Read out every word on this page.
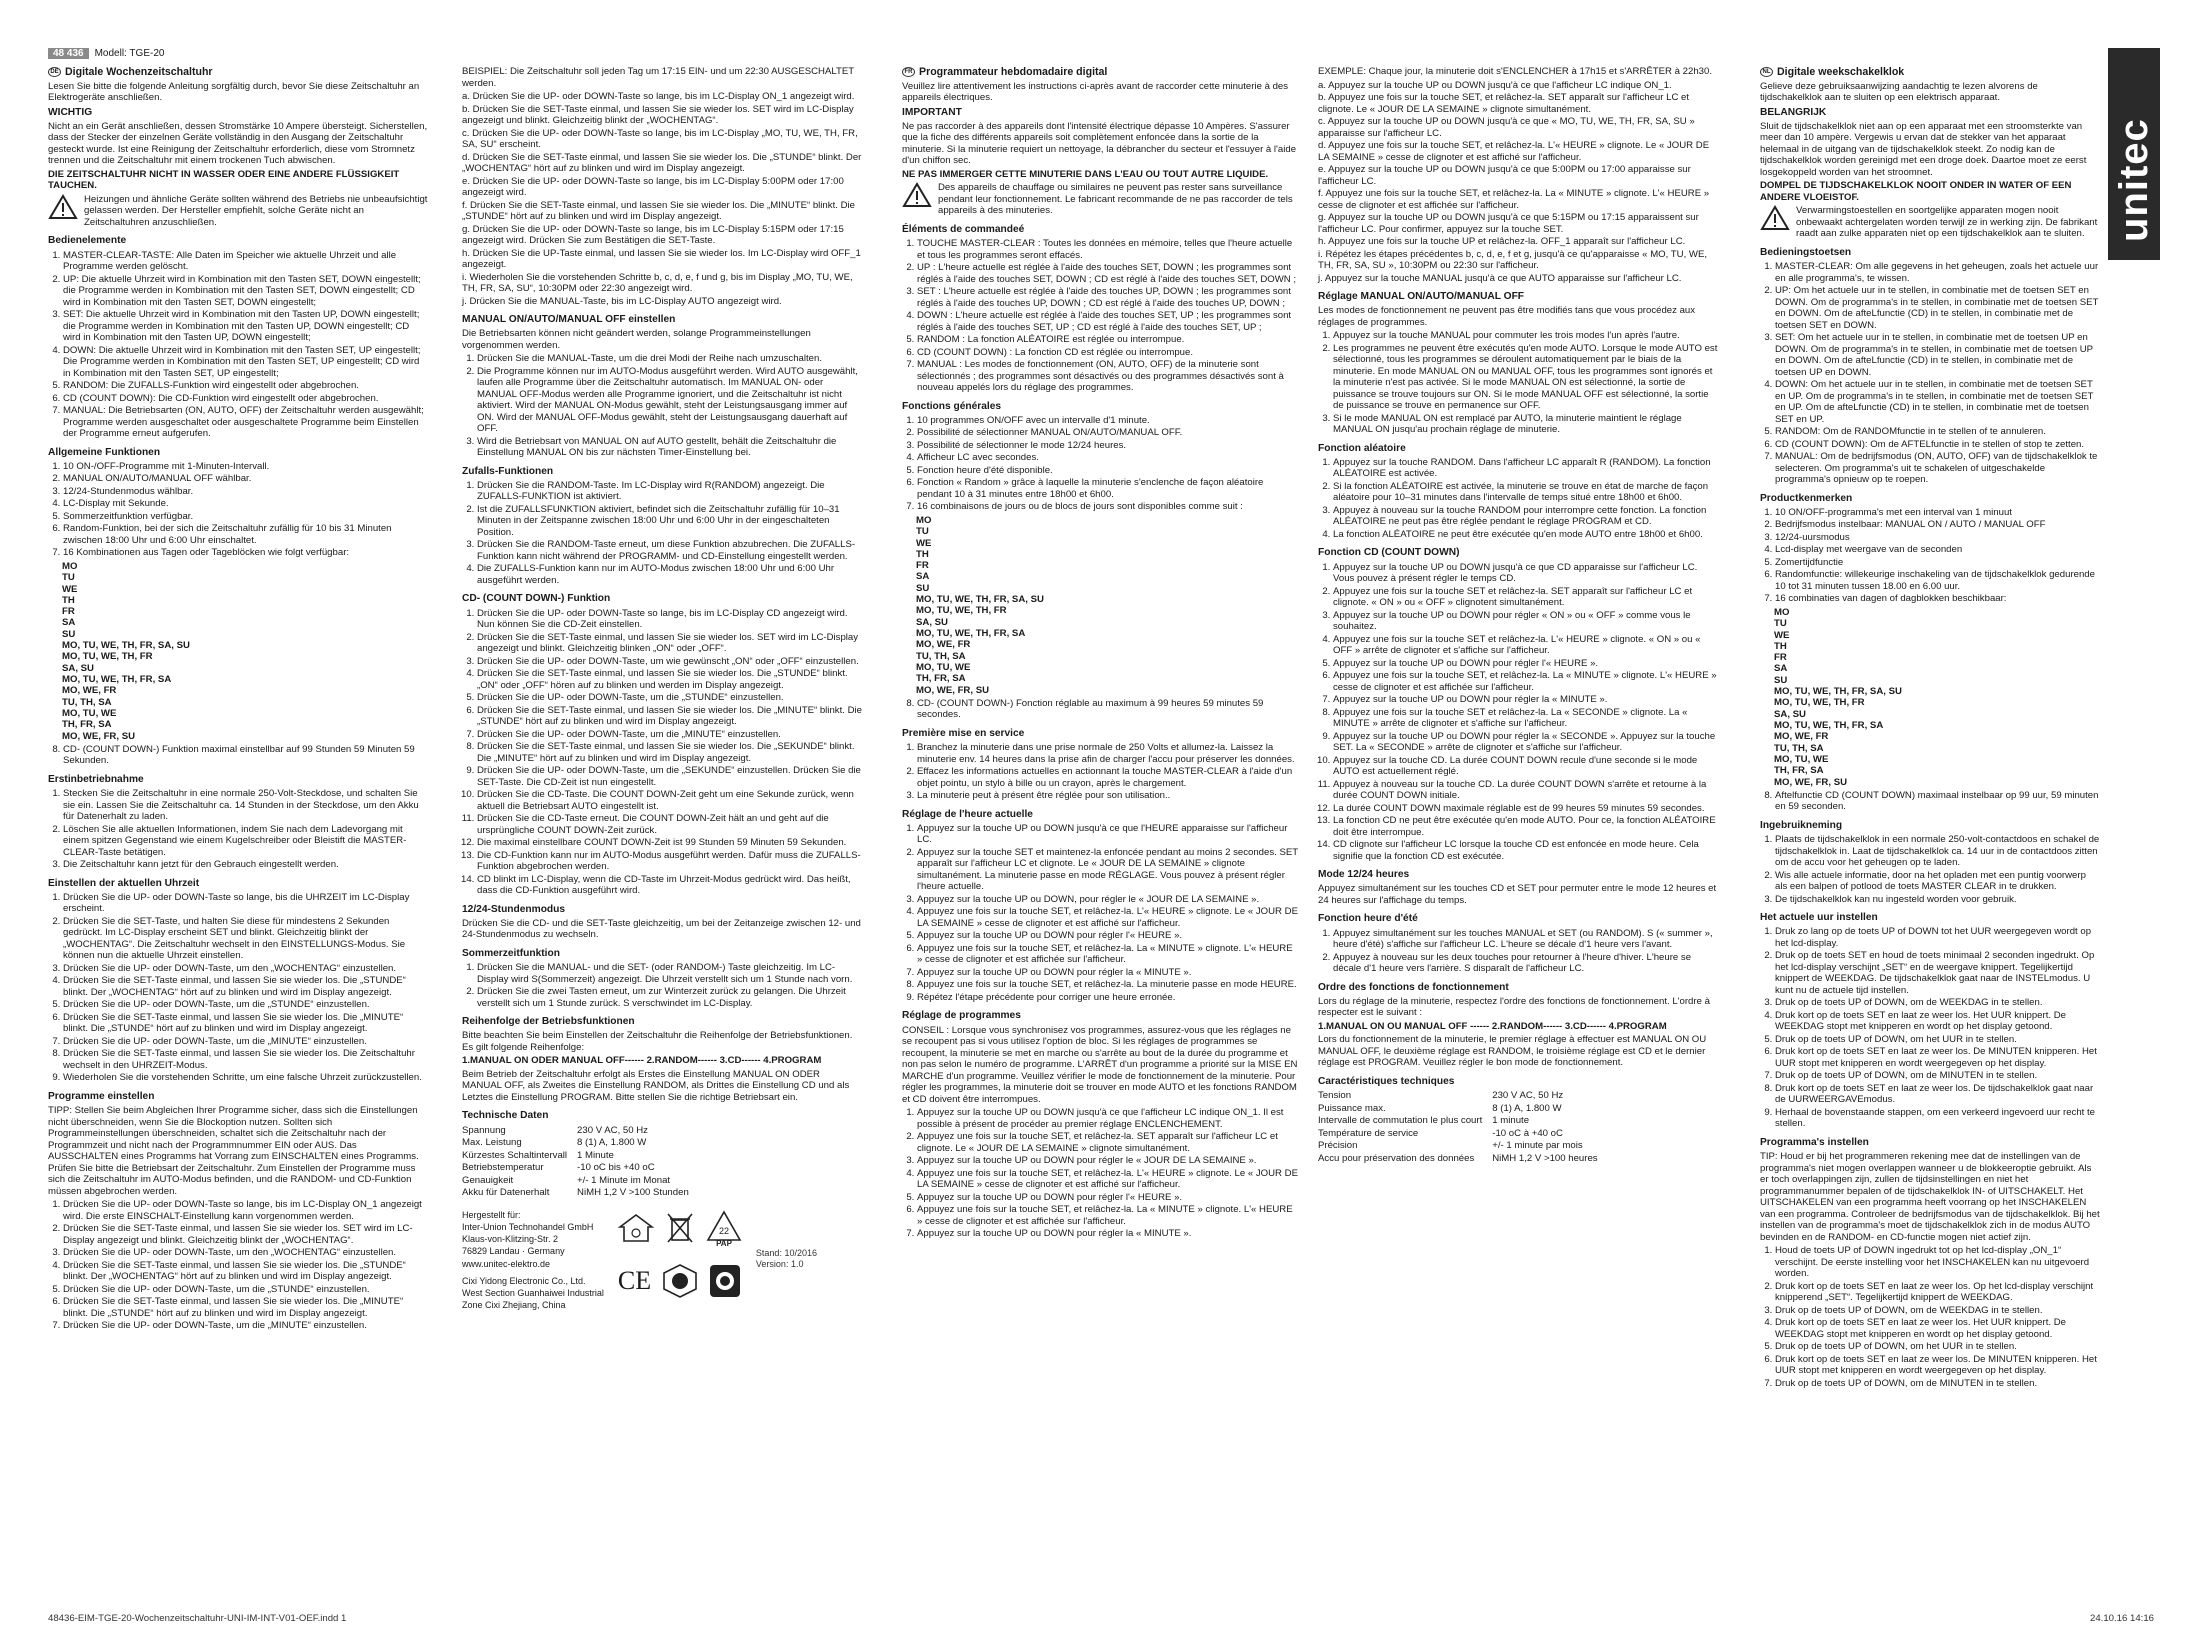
48 436	Modell: TGE-20
unitec
DE Digitale Wochenzeitschaltuhr

Lesen Sie bitte die folgende Anleitung sorgfältig durch, bevor Sie diese Zeitschaltuhr an Elektrogeräte anschließen.

WICHTIG

Nicht an ein Gerät anschließen, dessen Stromstärke 10 Ampere übersteigt. Sicherstellen, dass der Stecker der einzelnen Geräte vollständig in den Ausgang der Zeitschaltuhr gesteckt wurde. Ist eine Reinigung der Zeitschaltuhr erforderlich, diese vom Stromnetz trennen und die Zeitschaltuhr mit einem trockenen Tuch abwischen.

DIE ZEITSCHALTUHR NICHT IN WASSER ODER EINE ANDERE FLÜSSIGKEIT TAUCHEN.

Heizungen und ähnliche Geräte sollten während des Betriebs nie unbeaufsichtigt gelassen werden. Der Hersteller empfiehlt, solche Geräte nicht an Zeitschaltuhren anzuschließen.
Bedienelemente
1. MASTER-CLEAR-TASTE: Alle Daten im Speicher wie aktuelle Uhrzeit und alle Programme werden gelöscht.
2. UP: Die aktuelle Uhrzeit wird in Kombination mit den Tasten SET, DOWN eingestellt; die Programme werden in Kombination mit den Tasten SET, DOWN eingestellt; CD wird in Kombination mit den Tasten SET, DOWN eingestellt;
3. SET: Die aktuelle Uhrzeit wird in Kombination mit den Tasten UP, DOWN eingestellt; die Programme werden in Kombination mit den Tasten UP, DOWN eingestellt; CD wird in Kombination mit den Tasten UP, DOWN eingestellt;
4. DOWN: Die aktuelle Uhrzeit wird in Kombination mit den Tasten SET, UP eingestellt; Die Programme werden in Kombination mit den Tasten SET, UP eingestellt; CD wird in Kombination mit den Tasten SET, UP eingestellt;
5. RANDOM: Die ZUFALLS-Funktion wird eingestellt oder abgebrochen.
6. CD (COUNT DOWN): Die CD-Funktion wird eingestellt oder abgebrochen.
7. MANUAL: Die Betriebsarten (ON, AUTO, OFF) der Zeitschaltuhr werden ausgewählt; Programme werden ausgeschaltet oder ausgeschaltete Programme beim Einstellen der Programme erneut aufgerufen.
Allgemeine Funktionen
1. 10 ON-/OFF-Programme mit 1-Minuten-Intervall.
2. MANUAL ON/AUTO/MANUAL OFF wählbar.
3. 12/24-Stundenmodus wählbar.
4. LC-Display mit Sekunde.
5. Sommerzeitfunktion verfügbar.
6. Random-Funktion, bei der sich die Zeitschaltuhr zufällig für 10 bis 31 Minuten zwischen 18:00 Uhr und 6:00 Uhr einschaltet.
7. 16 Kombinationen aus Tagen oder Tageblöcken wie folgt verfügbar:
MO
TU
WE
TH
FR
SA
SU
MO, TU, WE, TH, FR, SA, SU
MO, TU, WE, TH, FR
SA, SU
MO, TU, WE, TH, FR, SA
MO, WE, FR
TU, TH, SA
MO, TU, WE
TH, FR, SA
MO, WE, FR, SU
8. CD- (COUNT DOWN-) Funktion maximal einstellbar auf 99 Stunden 59 Minuten 59 Sekunden.
Erstinbetriebnahme
1. Stecken Sie die Zeitschaltuhr in eine normale 250-Volt-Steckdose, und schalten Sie sie ein. Lassen Sie die Zeitschaltuhr ca. 14 Stunden in der Steckdose, um den Akku für Datenerhalt zu laden.
2. Löschen Sie alle aktuellen Informationen, indem Sie nach dem Ladevorgang mit einem spitzen Gegenstand wie einem Kugelschreiber oder Bleistift die MASTER-CLEAR-Taste betätigen.
3. Die Zeitschaltuhr kann jetzt für den Gebrauch eingestellt werden.
Einstellen der aktuellen Uhrzeit
1. Drücken Sie die UP- oder DOWN-Taste so lange, bis die UHRZEIT im LC-Display erscheint.
2. Drücken Sie die SET-Taste, und halten Sie diese für mindestens 2 Sekunden gedrückt. Im LC-Display erscheint SET und blinkt. Gleichzeitig blinkt der „WOCHENTAG“. Die Zeitschaltuhr wechselt in den EINSTELLUNGS-Modus. Sie können nun die aktuelle Uhrzeit einstellen.
3. Drücken Sie die UP- oder DOWN-Taste, um den „WOCHENTAG“ einzustellen.
4. Drücken Sie die SET-Taste einmal, und lassen Sie sie wieder los. Die „STUNDE“ blinkt. Der „WOCHENTAG“ hört auf zu blinken und wird im Display angezeigt.
5. Drücken Sie die UP- oder DOWN-Taste, um die „STUNDE“ einzustellen.
6. Drücken Sie die SET-Taste einmal, und lassen Sie sie wieder los. Die „MINUTE“ blinkt. Die „STUNDE“ hört auf zu blinken und wird im Display angezeigt.
7. Drücken Sie die UP- oder DOWN-Taste, um die „MINUTE“ einzustellen.
8. Drücken Sie die SET-Taste einmal, und lassen Sie sie wieder los. Die Zeitschaltuhr wechselt in den UHRZEIT-Modus.
9. Wiederholen Sie die vorstehenden Schritte, um eine falsche Uhrzeit zurückzustellen.
Programme einstellen

TIPP: Stellen Sie beim Abgleichen Ihrer Programme sicher, dass sich die Einstellungen nicht überschneiden, wenn Sie die Blockoption nutzen. Sollten sich Programmeinstellungen überschneiden, schaltet sich die Zeitschaltuhr nach der Programmzeit und nicht nach der Programmnummer EIN oder AUS. Das AUSSCHALTEN eines Programms hat Vorrang zum EINSCHALTEN eines Programms. Prüfen Sie bitte die Betriebsart der Zeitschaltuhr. Zum Einstellen der Programme muss sich die Zeitschaltuhr im AUTO-Modus befinden, und die RANDOM- und CD-Funktion müssen abgebrochen werden.

1. Drücken Sie die UP- oder DOWN-Taste so lange, bis im LC-Display ON_1 angezeigt wird. Die erste EINSCHALT-Einstellung kann vorgenommen werden.
2. Drücken Sie die SET-Taste einmal, und lassen Sie sie wieder los. SET wird im LC-Display angezeigt und blinkt. Gleichzeitig blinkt der „WOCHENTAG“.
3. Drücken Sie die UP- oder DOWN-Taste, um den „WOCHENTAG“ einzustellen.
4. Drücken Sie die SET-Taste einmal, und lassen Sie sie wieder los. Die „STUNDE“ blinkt. Der „WOCHENTAG“ hört auf zu blinken und wird im Display angezeigt.
5. Drücken Sie die UP- oder DOWN-Taste, um die „STUNDE“ einzustellen.
6. Drücken Sie die SET-Taste einmal, und lassen Sie sie wieder los. Die „MINUTE“ blinkt. Die „STUNDE“ hört auf zu blinken und wird im Display angezeigt.
7. Drücken Sie die UP- oder DOWN-Taste, um die „MINUTE“ einzustellen.

BEISPIEL: Die Zeitschaltuhr soll jeden Tag um 17:15 EIN- und um 22:30 AUSGESCHALTET werden.

a. Drücken Sie die UP- oder DOWN-Taste so lange, bis im LC-Display ON_1 angezeigt wird.
b. Drücken Sie die SET-Taste einmal, und lassen Sie sie wieder los. SET wird im LC-Display angezeigt und blinkt. Gleichzeitig blinkt der „WOCHENTAG“.
c. Drücken Sie die UP- oder DOWN-Taste so lange, bis im LC-Display „MO, TU, WE, TH, FR, SA, SU“ erscheint.
d. Drücken Sie die SET-Taste einmal, und lassen Sie sie wieder los. Die „STUNDE“ blinkt. Der „WOCHENTAG“ hört auf zu blinken und wird im Display angezeigt.
e. Drücken Sie die UP- oder DOWN-Taste so lange, bis im LC-Display 5:00PM oder 17:00 angezeigt wird.
f. Drücken Sie die SET-Taste einmal, und lassen Sie sie wieder los. Die „MINUTE“ blinkt. Die „STUNDE“ hört auf zu blinken und wird im Display angezeigt.
g. Drücken Sie die UP- oder DOWN-Taste so lange, bis im LC-Display 5:15PM oder 17:15 angezeigt wird. Drücken Sie zum Bestätigen die SET-Taste.
h. Drücken Sie die UP-Taste einmal, und lassen Sie sie wieder los. Im LC-Display wird OFF_1 angezeigt.
i. Wiederholen Sie die vorstehenden Schritte b, c, d, e, f und g, bis im Display „MO, TU, WE, TH, FR, SA, SU“, 10:30PM oder 22:30 angezeigt wird.
j. Drücken Sie die MANUAL-Taste, bis im LC-Display AUTO angezeigt wird.
MANUAL ON/AUTO/MANUAL OFF einstellen

Die Betriebsarten können nicht geändert werden, solange Programmeinstellungen vorgenommen werden.

1. Drücken Sie die MANUAL-Taste, um die drei Modi der Reihe nach umzuschalten.
2. Die Programme können nur im AUTO-Modus ausgeführt werden. Wird AUTO ausgewählt, laufen alle Programme über die Zeitschaltuhr automatisch. Im MANUAL ON- oder MANUAL OFF-Modus werden alle Programme ignoriert, und die Zeitschaltuhr ist nicht aktiviert. Wird der MANUAL ON-Modus gewählt, steht der Leistungsausgang immer auf ON. Wird der MANUAL OFF-Modus gewählt, steht der Leistungsausgang dauerhaft auf OFF.
3. Wird die Betriebsart von MANUAL ON auf AUTO gestellt, behält die Zeitschaltuhr die Einstellung MANUAL ON bis zur nächsten Timer-Einstellung bei.
Zufalls-Funktionen
1. Drücken Sie die RANDOM-Taste. Im LC-Display wird R(RANDOM) angezeigt. Die ZUFALLS-FUNKTION ist aktiviert.
2. Ist die ZUFALLSFUNKTION aktiviert, befindet sich die Zeitschaltuhr zufällig für 10–31 Minuten in der Zeitspanne zwischen 18:00 Uhr und 6:00 Uhr in der eingeschalteten Position.
3. Drücken Sie die RANDOM-Taste erneut, um diese Funktion abzubrechen. Die ZUFALLS-Funktion kann nicht während der PROGRAMM- und CD-Einstellung eingestellt werden.
4. Die ZUFALLS-Funktion kann nur im AUTO-Modus zwischen 18:00 Uhr und 6:00 Uhr ausgeführt werden.
CD- (COUNT DOWN-) Funktion
1. Drücken Sie die UP- oder DOWN-Taste so lange, bis im LC-Display CD angezeigt wird. Nun können Sie die CD-Zeit einstellen.
2. Drücken Sie die SET-Taste einmal, und lassen Sie sie wieder los. SET wird im LC-Display angezeigt und blinkt. Gleichzeitig blinken „ON“ oder „OFF“.
3. Drücken Sie die UP- oder DOWN-Taste, um wie gewünscht „ON“ oder „OFF“ einzustellen.
4. Drücken Sie die SET-Taste einmal, und lassen Sie sie wieder los. Die „STUNDE“ blinkt. „ON“ oder „OFF“ hören auf zu blinken und werden im Display angezeigt.
5. Drücken Sie die UP- oder DOWN-Taste, um die „STUNDE“ einzustellen.
6. Drücken Sie die SET-Taste einmal, und lassen Sie sie wieder los. Die „MINUTE“ blinkt. Die „STUNDE“ hört auf zu blinken und wird im Display angezeigt.
7. Drücken Sie die UP- oder DOWN-Taste, um die „MINUTE“ einzustellen.
8. Drücken Sie die SET-Taste einmal, und lassen Sie sie wieder los. Die „SEKUNDE“ blinkt. Die „MINUTE“ hört auf zu blinken und wird im Display angezeigt.
9. Drücken Sie die UP- oder DOWN-Taste, um die „SEKUNDE“ einzustellen. Drücken Sie die SET-Taste. Die CD-Zeit ist nun eingestellt.
10. Drücken Sie die CD-Taste. Die COUNT DOWN-Zeit geht um eine Sekunde zurück, wenn aktuell die Betriebsart AUTO eingestellt ist.
11. Drücken Sie die CD-Taste erneut. Die COUNT DOWN-Zeit hält an und geht auf die ursprüngliche COUNT DOWN-Zeit zurück.
12. Die maximal einstellbare COUNT DOWN-Zeit ist 99 Stunden 59 Minuten 59 Sekunden.
13. Die CD-Funktion kann nur im AUTO-Modus ausgeführt werden. Dafür muss die ZUFALLS-Funktion abgebrochen werden.
14. CD blinkt im LC-Display, wenn die CD-Taste im Uhrzeit-Modus gedrückt wird. Das heißt, dass die CD-Funktion ausgeführt wird.
12/24-Stundenmodus

Drücken Sie die CD- und die SET-Taste gleichzeitig, um bei der Zeitanzeige zwischen 12- und 24-Stundenmodus zu wechseln.

Sommerzeitfunktion
1. Drücken Sie die MANUAL- und die SET- (oder RANDOM-) Taste gleichzeitig. Im LC-Display wird S(Sommerzeit) angezeigt. Die Uhrzeit verstellt sich um 1 Stunde nach vorn.
2. Drücken Sie die zwei Tasten erneut, um zur Winterzeit zurück zu gelangen. Die Uhrzeit verstellt sich um 1 Stunde zurück. S verschwindet im LC-Display.
Reihenfolge der Betriebsfunktionen

Bitte beachten Sie beim Einstellen der Zeitschaltuhr die Reihenfolge der Betriebsfunktionen. Es gilt folgende Reihenfolge:

1.MANUAL ON ODER MANUAL OFF------ 2.RANDOM------ 3.CD------ 4.PROGRAM

Beim Betrieb der Zeitschaltuhr erfolgt als Erstes die Einstellung MANUAL ON ODER MANUAL OFF, als Zweites die Einstellung RANDOM, als Drittes die Einstellung CD und als Letztes die Einstellung PROGRAM. Bitte stellen Sie die richtige Betriebsart ein.

Technische Daten
Spannung	230 V AC, 50 Hz
Max. Leistung	8 (1) A, 1.800 W
Kürzestes Schaltintervall	1 Minute
Betriebstemperatur	-10 oC bis +40 oC
Genauigkeit	+/- 1 Minute im Monat
Akku für Datenerhalt	NiMH 1,2 V >100 Stunden
Hergestellt für:
Inter-Union Technohandel GmbH
Klaus-von-Klitzing-Str. 2
76829 Landau · Germany
www.unitec-elektro.de
Cixi Yidong Electronic Co., Ltd.
West Section Guanhaiwei Industrial
Zone Cixi Zhejiang, China
22
PAP
CE
Stand: 10/2016
Version: 1.0
FR Programmateur hebdomadaire digital

Veuillez lire attentivement les instructions ci-après avant de raccorder cette minuterie à des appareils électriques.

IMPORTANT

Ne pas raccorder à des appareils dont l'intensité électrique dépasse 10 Ampères. S'assurer que la fiche des différents appareils soit complètement enfoncée dans la sortie de la minuterie. Si la minuterie requiert un nettoyage, la débrancher du secteur et l'essuyer à l'aide d'un chiffon sec.

NE PAS IMMERGER CETTE MINUTERIE DANS L'EAU OU TOUT AUTRE LIQUIDE.

Des appareils de chauffage ou similaires ne peuvent pas rester sans surveillance pendant leur fonctionnement. Le fabricant recommande de ne pas raccorder de tels appareils à des minuteries.
Éléments de commandeé
1. TOUCHE MASTER-CLEAR : Toutes les données en mémoire, telles que l'heure actuelle et tous les programmes seront effacés.
2. UP : L'heure actuelle est réglée à l'aide des touches SET, DOWN ; les programmes sont réglés à l'aide des touches SET, DOWN ; CD est réglé à l'aide des touches SET, DOWN ;
3. SET : L'heure actuelle est réglée à l'aide des touches UP, DOWN ; les programmes sont réglés à l'aide des touches UP, DOWN ; CD est réglé à l'aide des touches UP, DOWN ;
4. DOWN : L'heure actuelle est réglée à l'aide des touches SET, UP ; les programmes sont réglés à l'aide des touches SET, UP ; CD est réglé à l'aide des touches SET, UP ;
5. RANDOM : La fonction ALÉATOIRE est réglée ou interrompue.
6. CD (COUNT DOWN) : La fonction CD est réglée ou interrompue.
7. MANUAL : Les modes de fonctionnement (ON, AUTO, OFF) de la minuterie sont sélectionnés ; des programmes sont désactivés ou des programmes désactivés sont à nouveau appelés lors du réglage des programmes.
Fonctions générales
1. 10 programmes ON/OFF avec un intervalle d'1 minute.
2. Possibilité de sélectionner MANUAL ON/AUTO/MANUAL OFF.
3. Possibilité de sélectionner le mode 12/24 heures.
4. Afficheur LC avec secondes.
5. Fonction heure d'été disponible.
6. Fonction « Random » grâce à laquelle la minuterie s'enclenche de façon aléatoire pendant 10 à 31 minutes entre 18h00 et 6h00.
7. 16 combinaisons de jours ou de blocs de jours sont disponibles comme suit :
MO
TU
WE
TH
FR
SA
SU
MO, TU, WE, TH, FR, SA, SU
MO, TU, WE, TH, FR
SA, SU
MO, TU, WE, TH, FR, SA
MO, WE, FR
TU, TH, SA
MO, TU, WE
TH, FR, SA
MO, WE, FR, SU
8. CD- (COUNT DOWN-) Fonction réglable au maximum à 99 heures 59 minutes 59 secondes.
Première mise en service
1. Branchez la minuterie dans une prise normale de 250 Volts et allumez-la. Laissez la minuterie env. 14 heures dans la prise afin de charger l'accu pour préserver les données.
2. Effacez les informations actuelles en actionnant la touche MASTER-CLEAR à l'aide d'un objet pointu, un stylo à bille ou un crayon, après le chargement.
3. La minuterie peut à présent être réglée pour son utilisation..
Réglage de l'heure actuelle
1. Appuyez sur la touche UP ou DOWN jusqu'à ce que l'HEURE apparaisse sur l'afficheur LC.
2. Appuyez sur la touche SET et maintenez-la enfoncée pendant au moins 2 secondes. SET apparaît sur l'afficheur LC et clignote. Le « JOUR DE LA SEMAINE » clignote simultanément. La minuterie passe en mode RÉGLAGE. Vous pouvez à présent régler l'heure actuelle.
3. Appuyez sur la touche UP ou DOWN, pour régler le « JOUR DE LA SEMAINE ».
4. Appuyez une fois sur la touche SET, et relâchez-la. L'« HEURE » clignote. Le « JOUR DE LA SEMAINE » cesse de clignoter et est affiché sur l'afficheur.
5. Appuyez sur la touche UP ou DOWN pour régler l'« HEURE ».
6. Appuyez une fois sur la touche SET, et relâchez-la. La « MINUTE » clignote. L'« HEURE » cesse de clignoter et est affichée sur l'afficheur.
7. Appuyez sur la touche UP ou DOWN pour régler la « MINUTE ».
8. Appuyez une fois sur la touche SET, et relâchez-la. La minuterie passe en mode HEURE.
9. Répétez l'étape précédente pour corriger une heure erronée.
Réglage de programmes

CONSEIL : Lorsque vous synchronisez vos programmes, assurez-vous que les réglages ne se recoupent pas si vous utilisez l'option de bloc. Si les réglages de programmes se recoupent, la minuterie se met en marche ou s'arrête au bout de la durée du programme et non pas selon le numéro de programme. L'ARRÊT d'un programme a priorité sur la MISE EN MARCHE d'un programme. Veuillez vérifier le mode de fonctionnement de la minuterie. Pour régler les programmes, la minuterie doit se trouver en mode AUTO et les fonctions RANDOM et CD doivent être interrompues.

1. Appuyez sur la touche UP ou DOWN jusqu'à ce que l'afficheur LC indique ON_1. Il est possible à présent de procéder au premier réglage ENCLENCHEMENT.
2. Appuyez une fois sur la touche SET, et relâchez-la. SET apparaît sur l'afficheur LC et clignote. Le « JOUR DE LA SEMAINE » clignote simultanément.
3. Appuyez sur la touche UP ou DOWN pour régler le « JOUR DE LA SEMAINE ».
4. Appuyez une fois sur la touche SET, et relâchez-la. L'« HEURE » clignote. Le « JOUR DE LA SEMAINE » cesse de clignoter et est affiché sur l'afficheur.
5. Appuyez sur la touche UP ou DOWN pour régler l'« HEURE ».
6. Appuyez une fois sur la touche SET, et relâchez-la. La « MINUTE » clignote. L'« HEURE » cesse de clignoter et est affichée sur l'afficheur.
7. Appuyez sur la touche UP ou DOWN pour régler la « MINUTE ».

EXEMPLE: Chaque jour, la minuterie doit s'ENCLENCHER à 17h15 et s'ARRÊTER à 22h30.

a. Appuyez sur la touche UP ou DOWN jusqu'à ce que l'afficheur LC indique ON_1.
b. Appuyez une fois sur la touche SET, et relâchez-la. SET apparaît sur l'afficheur LC et clignote. Le « JOUR DE LA SEMAINE » clignote simultanément.
c. Appuyez sur la touche UP ou DOWN jusqu'à ce que « MO, TU, WE, TH, FR, SA, SU » apparaisse sur l'afficheur LC.
d. Appuyez une fois sur la touche SET, et relâchez-la. L'« HEURE » clignote. Le « JOUR DE LA SEMAINE » cesse de clignoter et est affiché sur l'afficheur.
e. Appuyez sur la touche UP ou DOWN jusqu'à ce que 5:00PM ou 17:00 apparaisse sur l'afficheur LC.
f. Appuyez une fois sur la touche SET, et relâchez-la. La « MINUTE » clignote. L'« HEURE » cesse de clignoter et est affichée sur l'afficheur.
g. Appuyez sur la touche UP ou DOWN jusqu'à ce que 5:15PM ou 17:15 apparaissent sur l'afficheur LC. Pour confirmer, appuyez sur la touche SET.
h. Appuyez une fois sur la touche UP et relâchez-la. OFF_1 apparaît sur l'afficheur LC.
i. Répétez les étapes précédentes b, c, d, e, f et g, jusqu'à ce qu'apparaisse « MO, TU, WE, TH, FR, SA, SU », 10:30PM ou 22:30 sur l'afficheur.
j. Appuyez sur la touche MANUAL jusqu'à ce que AUTO apparaisse sur l'afficheur LC.
Réglage MANUAL ON/AUTO/MANUAL OFF

Les modes de fonctionnement ne peuvent pas être modifiés tans que vous procédez aux réglages de programmes.

1. Appuyez sur la touche MANUAL pour commuter les trois modes l'un après l'autre.
2. Les programmes ne peuvent être exécutés qu'en mode AUTO. Lorsque le mode AUTO est sélectionné, tous les programmes se déroulent automatiquement par le biais de la minuterie. En mode MANUAL ON ou MANUAL OFF, tous les programmes sont ignorés et la minuterie n'est pas activée. Si le mode MANUAL ON est sélectionné, la sortie de puissance se trouve toujours sur ON. Si le mode MANUAL OFF est sélectionné, la sortie de puissance se trouve en permanence sur OFF.
3. Si le mode MANUAL ON est remplacé par AUTO, la minuterie maintient le réglage MANUAL ON jusqu'au prochain réglage de minuterie.
Fonction aléatoire
1. Appuyez sur la touche RANDOM. Dans l'afficheur LC apparaît R (RANDOM). La fonction ALÉATOIRE est activée.
2. Si la fonction ALÉATOIRE est activée, la minuterie se trouve en état de marche de façon aléatoire pour 10–31 minutes dans l'intervalle de temps situé entre 18h00 et 6h00.
3. Appuyez à nouveau sur la touche RANDOM pour interrompre cette fonction. La fonction ALÉATOIRE ne peut pas être réglée pendant le réglage PROGRAM et CD.
4. La fonction ALÉATOIRE ne peut être exécutée qu'en mode AUTO entre 18h00 et 6h00.
Fonction CD (COUNT DOWN)
1. Appuyez sur la touche UP ou DOWN jusqu'à ce que CD apparaisse sur l'afficheur LC. Vous pouvez à présent régler le temps CD.
2. Appuyez une fois sur la touche SET et relâchez-la. SET apparaît sur l'afficheur LC et clignote. « ON » ou « OFF » clignotent simultanément.
3. Appuyez sur la touche UP ou DOWN pour régler « ON » ou « OFF » comme vous le souhaitez.
4. Appuyez une fois sur la touche SET et relâchez-la. L'« HEURE » clignote. « ON » ou « OFF » arrête de clignoter et s'affiche sur l'afficheur.
5. Appuyez sur la touche UP ou DOWN pour régler l'« HEURE ».
6. Appuyez une fois sur la touche SET, et relâchez-la. La « MINUTE » clignote. L'« HEURE » cesse de clignoter et est affichée sur l'afficheur.
7. Appuyez sur la touche UP ou DOWN pour régler la « MINUTE ».
8. Appuyez une fois sur la touche SET et relâchez-la. La « SECONDE » clignote. La « MINUTE » arrête de clignoter et s'affiche sur l'afficheur.
9. Appuyez sur la touche UP ou DOWN pour régler la « SECONDE ». Appuyez sur la touche SET. La « SECONDE » arrête de clignoter et s'affiche sur l'afficheur.
10. Appuyez sur la touche CD. La durée COUNT DOWN recule d'une seconde si le mode AUTO est actuellement réglé.
11. Appuyez à nouveau sur la touche CD. La durée COUNT DOWN s'arrête et retourne à la durée COUNT DOWN initiale.
12. La durée COUNT DOWN maximale réglable est de 99 heures 59 minutes 59 secondes.
13. La fonction CD ne peut être exécutée qu'en mode AUTO. Pour ce, la fonction ALÉATOIRE doit être interrompue.
14. CD clignote sur l'afficheur LC lorsque la touche CD est enfoncée en mode heure. Cela signifie que la fonction CD est exécutée.
Mode 12/24 heures

Appuyez simultanément sur les touches CD et SET pour permuter entre le mode 12 heures et 24 heures sur l'affichage du temps.

Fonction heure d'été
1. Appuyez simultanément sur les touches MANUAL et SET (ou RANDOM). S (« summer », heure d'été) s'affiche sur l'afficheur LC. L'heure se décale d'1 heure vers l'avant.
2. Appuyez à nouveau sur les deux touches pour retourner à l'heure d'hiver. L'heure se décale d'1 heure vers l'arrière. S disparaît de l'afficheur LC.
Ordre des fonctions de fonctionnement

Lors du réglage de la minuterie, respectez l'ordre des fonctions de fonctionnement. L'ordre à respecter est le suivant :

1.MANUAL ON OU MANUAL OFF ------ 2.RANDOM------ 3.CD------ 4.PROGRAM

Lors du fonctionnement de la minuterie, le premier réglage à effectuer est MANUAL ON OU MANUAL OFF, le deuxième réglage est RANDOM, le troisième réglage est CD et le dernier réglage est PROGRAM. Veuillez régler le bon mode de fonctionnement.

Caractéristiques techniques
Tension	230 V AC, 50 Hz
Puissance max.	8 (1) A, 1.800 W
Intervalle de commutation le plus court	1 minute
Température de service	-10 oC à +40 oC
Précision	+/- 1 minute par mois
Accu pour préservation des données	NiMH 1,2 V >100 heures
NL Digitale weekschakelklok

Gelieve deze gebruiksaanwijzing aandachtig te lezen alvorens de tijdschakelklok aan te sluiten op een elektrisch apparaat.

BELANGRIJK

Sluit de tijdschakelklok niet aan op een apparaat met een stroomsterkte van meer dan 10 ampère. Vergewis u ervan dat de stekker van het apparaat helemaal in de uitgang van de tijdschakelklok steekt. Zo nodig kan de tijdschakelklok worden gereinigd met een droge doek. Daartoe moet ze eerst losgekoppeld worden van het stroomnet.

DOMPEL DE TIJDSCHAKELKLOK NOOIT ONDER IN WATER OF EEN ANDERE VLOEISTOF.

Verwarmingstoestellen en soortgelijke apparaten mogen nooit onbewaakt achtergelaten worden terwijl ze in werking zijn. De fabrikant raadt aan zulke apparaten niet op een tijdschakelklok aan te sluiten.
Bedieningstoetsen
1. MASTER-CLEAR: Om alle gegevens in het geheugen, zoals het actuele uur en alle programma's, te wissen.
2. UP: Om het actuele uur in te stellen, in combinatie met de toetsen SET en DOWN. Om de programma's in te stellen, in combinatie met de toetsen SET en DOWN. Om de afteLfunctie (CD) in te stellen, in combinatie met de toetsen SET en DOWN.
3. SET: Om het actuele uur in te stellen, in combinatie met de toetsen UP en DOWN. Om de programma's in te stellen, in combinatie met de toetsen UP en DOWN. Om de afteLfunctie (CD) in te stellen, in combinatie met de toetsen UP en DOWN.
4. DOWN: Om het actuele uur in te stellen, in combinatie met de toetsen SET en UP. Om de programma's in te stellen, in combinatie met de toetsen SET en UP. Om de afteLfunctie (CD) in te stellen, in combinatie met de toetsen SET en UP.
5. RANDOM: Om de RANDOMfunctie in te stellen of te annuleren.
6. CD (COUNT DOWN): Om de AFTELfunctie in te stellen of stop te zetten.
7. MANUAL: Om de bedrijfsmodus (ON, AUTO, OFF) van de tijdschakelklok te selecteren. Om programma's uit te schakelen of uitgeschakelde programma's opnieuw op te roepen.
Productkenmerken
1. 10 ON/OFF-programma's met een interval van 1 minuut
2. Bedrijfsmodus instelbaar: MANUAL ON / AUTO / MANUAL OFF
3. 12/24-uursmodus
4. Lcd-display met weergave van de seconden
5. Zomertijdfunctie
6. Randomfunctie: willekeurige inschakeling van de tijdschakelklok gedurende 10 tot 31 minuten tussen 18.00 en 6.00 uur.
7. 16 combinaties van dagen of dagblokken beschikbaar:
MO
TU
WE
TH
FR
SA
SU
MO, TU, WE, TH, FR, SA, SU
MO, TU, WE, TH, FR
SA, SU
MO, TU, WE, TH, FR, SA
MO, WE, FR
TU, TH, SA
MO, TU, WE
TH, FR, SA
MO, WE, FR, SU
8. Aftelfunctie CD (COUNT DOWN) maximaal instelbaar op 99 uur, 59 minuten en 59 seconden.
Ingebruikneming
1. Plaats de tijdschakelklok in een normale 250-volt-contactdoos en schakel de tijdschakelklok in. Laat de tijdschakelklok ca. 14 uur in de contactdoos zitten om de accu voor het geheugen op te laden.
2. Wis alle actuele informatie, door na het opladen met een puntig voorwerp als een balpen of potlood de toets MASTER CLEAR in te drukken.
3. De tijdschakelklok kan nu ingesteld worden voor gebruik.
Het actuele uur instellen
1. Druk zo lang op de toets UP of DOWN tot het UUR weergegeven wordt op het lcd-display.
2. Druk op de toets SET en houd de toets minimaal 2 seconden ingedrukt. Op het lcd-display verschijnt „SET“ en de weergave knippert. Tegelijkertijd knippert de WEEKDAG. De tijdschakelklok gaat naar de INSTELmodus. U kunt nu de actuele tijd instellen.
3. Druk op de toets UP of DOWN, om de WEEKDAG in te stellen.
4. Druk kort op de toets SET en laat ze weer los. Het UUR knippert. De WEEKDAG stopt met knipperen en wordt op het display getoond.
5. Druk op de toets UP of DOWN, om het UUR in te stellen.
6. Druk kort op de toets SET en laat ze weer los. De MINUTEN knipperen. Het UUR stopt met knipperen en wordt weergegeven op het display.
7. Druk op de toets UP of DOWN, om de MINUTEN in te stellen.
8. Druk kort op de toets SET en laat ze weer los. De tijdschakelklok gaat naar de UURWEERGAVEmodus.
9. Herhaal de bovenstaande stappen, om een verkeerd ingevoerd uur recht te stellen.
Programma's instellen

TIP: Houd er bij het programmeren rekening mee dat de instellingen van de programma's niet mogen overlappen wanneer u de blokkeeroptie gebruikt. Als er toch overlappingen zijn, zullen de tijdsinstellingen en niet het programmanummer bepalen of de tijdschakelklok IN- of UITSCHAKELT. Het UITSCHAKELEN van een programma heeft voorrang op het INSCHAKELEN van een programma. Controleer de bedrijfsmodus van de tijdschakelklok. Bij het instellen van de programma's moet de tijdschakelklok zich in de modus AUTO bevinden en de RANDOM- en CD-functie mogen niet actief zijn.

1. Houd de toets UP of DOWN ingedrukt tot op het lcd-display „ON_1“ verschijnt. De eerste instelling voor het INSCHAKELEN kan nu uitgevoerd worden.
2. Druk kort op de toets SET en laat ze weer los. Op het lcd-display verschijnt knipperend „SET“. Tegelijkertijd knippert de WEEKDAG.
3. Druk op de toets UP of DOWN, om de WEEKDAG in te stellen.
4. Druk kort op de toets SET en laat ze weer los. Het UUR knippert. De WEEKDAG stopt met knipperen en wordt op het display getoond.
5. Druk op de toets UP of DOWN, om het UUR in te stellen.
6. Druk kort op de toets SET en laat ze weer los. De MINUTEN knipperen. Het UUR stopt met knipperen en wordt weergegeven op het display.
7. Druk op de toets UP of DOWN, om de MINUTEN in te stellen.
48436-EIM-TGE-20-Wochenzeitschaltuhr-UNI-IM-INT-V01-OEF.indd 1	24.10.16 14:16
